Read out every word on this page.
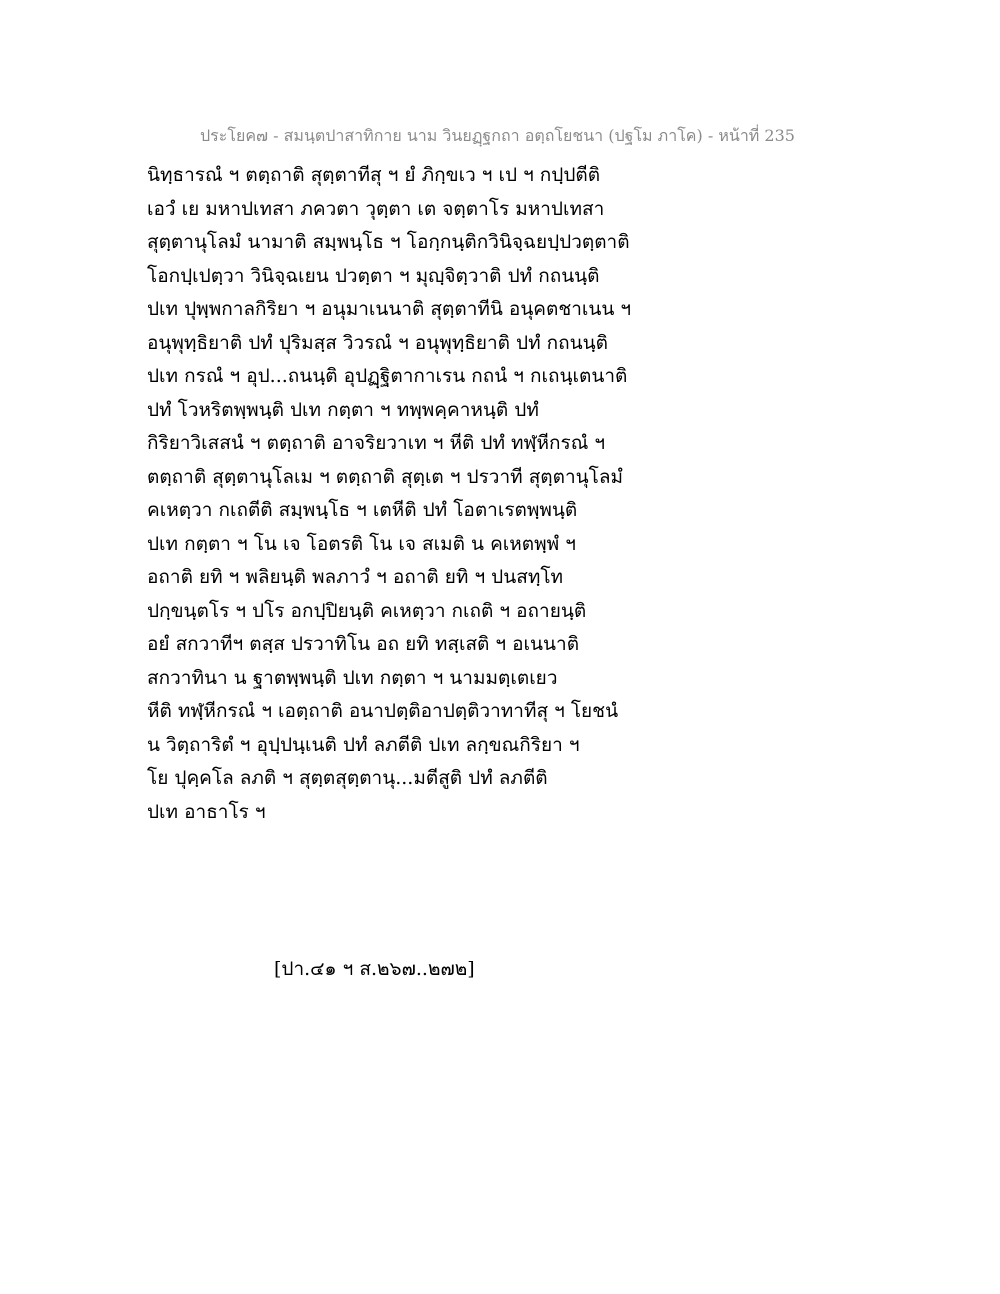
ประโยค๗ - สมนฺตปาสาทิกาย นาม วินยฏฺฐกถา อตฺถโยชนา (ปฐโม ภาโค) - หน้าที่ 235
นิทฺธารณํ ฯ ตตฺถาติ สุตฺตาทีสุ ฯ ยํ ภิกฺขเว ฯ เป ฯ กปฺปตีติ
เอวํ เย มหาปเทสา ภควตา วุตฺตา เต จตฺตาโร มหาปเทสา
สุตฺตานุโลมํ นามาติ สมฺพนฺโธ ฯ โอกฺกนฺติกวินิจฺฉยปฺปวตฺตาติ
โอกปฺเปตฺวา วินิจฺฉเยน ปวตฺตา ฯ มุญฺจิตฺวาติ ปทํ กถนนฺติ
ปเท ปุพฺพกาลกิริยา ฯ อนุมาเนนาติ สุตฺตาทีนิ อนุคตชาเนน ฯ
อนุพุทฺธิยาติ ปทํ ปุริมสฺส วิวรณํ ฯ อนุพุทฺธิยาติ ปทํ กถนนฺติ
ปเท กรณํ ฯ อุป...ถนนฺติ อุปฏฺฐิตากาเรน กถนํ ฯ กเถนฺเตนาติ
ปทํ โวหริตพฺพนฺติ ปเท กตฺตา ฯ ทพฺพคฺคาหนฺติ ปทํ
กิริยาวิเสสนํ ฯ ตตฺถาติ อาจริยวาเท ฯ หีติ ปทํ ทฬฺหีกรณํ ฯ
ตตฺถาติ สุตฺตานุโลเม ฯ ตตฺถาติ สุตฺเต ฯ ปรวาที สุตฺตานุโลมํ
คเหตฺวา กเถตีติ สมฺพนฺโธ ฯ เตหีติ ปทํ โอตาเรตพฺพนฺติ
ปเท กตฺตา ฯ โน เจ โอตรติ โน เจ สเมติ น คเหตพฺพํ ฯ
อถาติ ยทิ ฯ พลิยนฺติ พลภาวํ ฯ อถาติ ยทิ ฯ ปนสทฺโท
ปกฺขนฺตโร ฯ ปโร อกปฺปิยนฺติ คเหตฺวา กเถติ ฯ อถายนฺติ
อยํ สกวาทีฯ ตสฺส ปรวาทิโน อถ ยทิ ทสฺเสติ ฯ อเนนาติ
สกวาทินา น ฐาตพฺพนฺติ ปเท กตฺตา ฯ นามมตฺเตเยว
หีติ ทฬฺหีกรณํ ฯ เอตฺถาติ อนาปตฺติอาปตฺติวาทาทีสุ ฯ โยชนํ
น วิตฺถาริตํ ฯ อุปฺปนฺเนติ ปทํ ลภตีติ ปเท ลกฺขณกิริยา ฯ
โย ปุคฺคโล ลภติ ฯ สุตฺตสุตฺตานุ...มตีสูติ ปทํ ลภตีติ
ปเท อาธาโร ฯ
[ปา.๔๑ ฯ ส.๒๖๗..๒๗๒]
